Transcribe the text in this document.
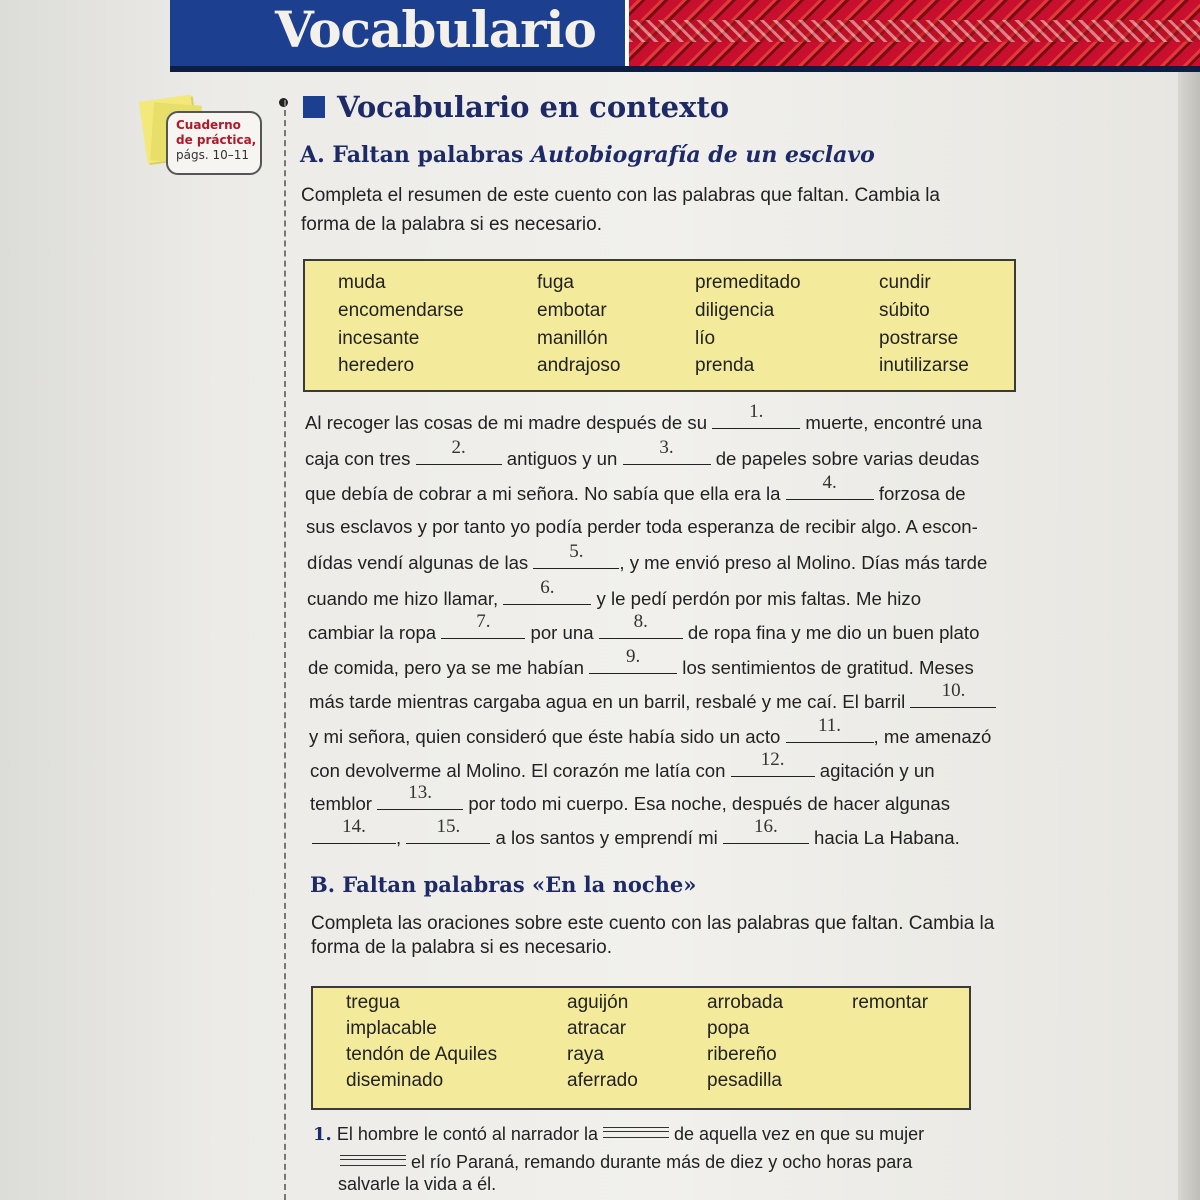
Vocabulario
Cuaderno
de práctica,
págs. 10–11
Vocabulario en contexto
A. Faltan palabras Autobiografía de un esclavo
Completa el resumen de este cuento con las palabras que faltan. Cambia la
forma de la palabra si es necesario.
muda	fuga	premeditado	cundir
encomendarse	embotar	diligencia	súbito
incesante	manillón	lío	postrarse
heredero	andrajoso	prenda	inutilizarse
Al recoger las cosas de mi madre después de su
1.
muerte, encontré una
caja con tres
2.
antiguos y un
3.
de papeles sobre varias deudas
que debía de cobrar a mi señora. No sabía que ella era la
4.
forzosa de
sus esclavos y por tanto yo podía perder toda esperanza de recibir algo. A escon-
dídas vendí algunas de las
5.
, y me envió preso al Molino. Días más tarde
cuando me hizo llamar,
6.
y le pedí perdón por mis faltas. Me hizo
cambiar la ropa
7.
por una
8.
de ropa fina y me dio un buen plato
de comida, pero ya se me habían
9.
los sentimientos de gratitud. Meses
más tarde mientras cargaba agua en un barril, resbalé y me caí. El barril
10.
y mi señora, quien consideró que éste había sido un acto
11.
, me amenazó
con devolverme al Molino. El corazón me latía con
12.
agitación y un
temblor
13.
por todo mi cuerpo. Esa noche, después de hacer algunas
14.
,
15.
a los santos y emprendí mi
16.
hacia La Habana.
B. Faltan palabras «En la noche»
Completa las oraciones sobre este cuento con las palabras que faltan. Cambia la
forma de la palabra si es necesario.
tregua	aguijón	arrobada	remontar
implacable	atracar	popa
tendón de Aquiles	raya	ribereño
diseminado	aferrado	pesadilla
1. El hombre le contó al narrador la	de aquella vez en que su mujer
el río Paraná, remando durante más de diez y ocho horas para
salvarle la vida a él.
